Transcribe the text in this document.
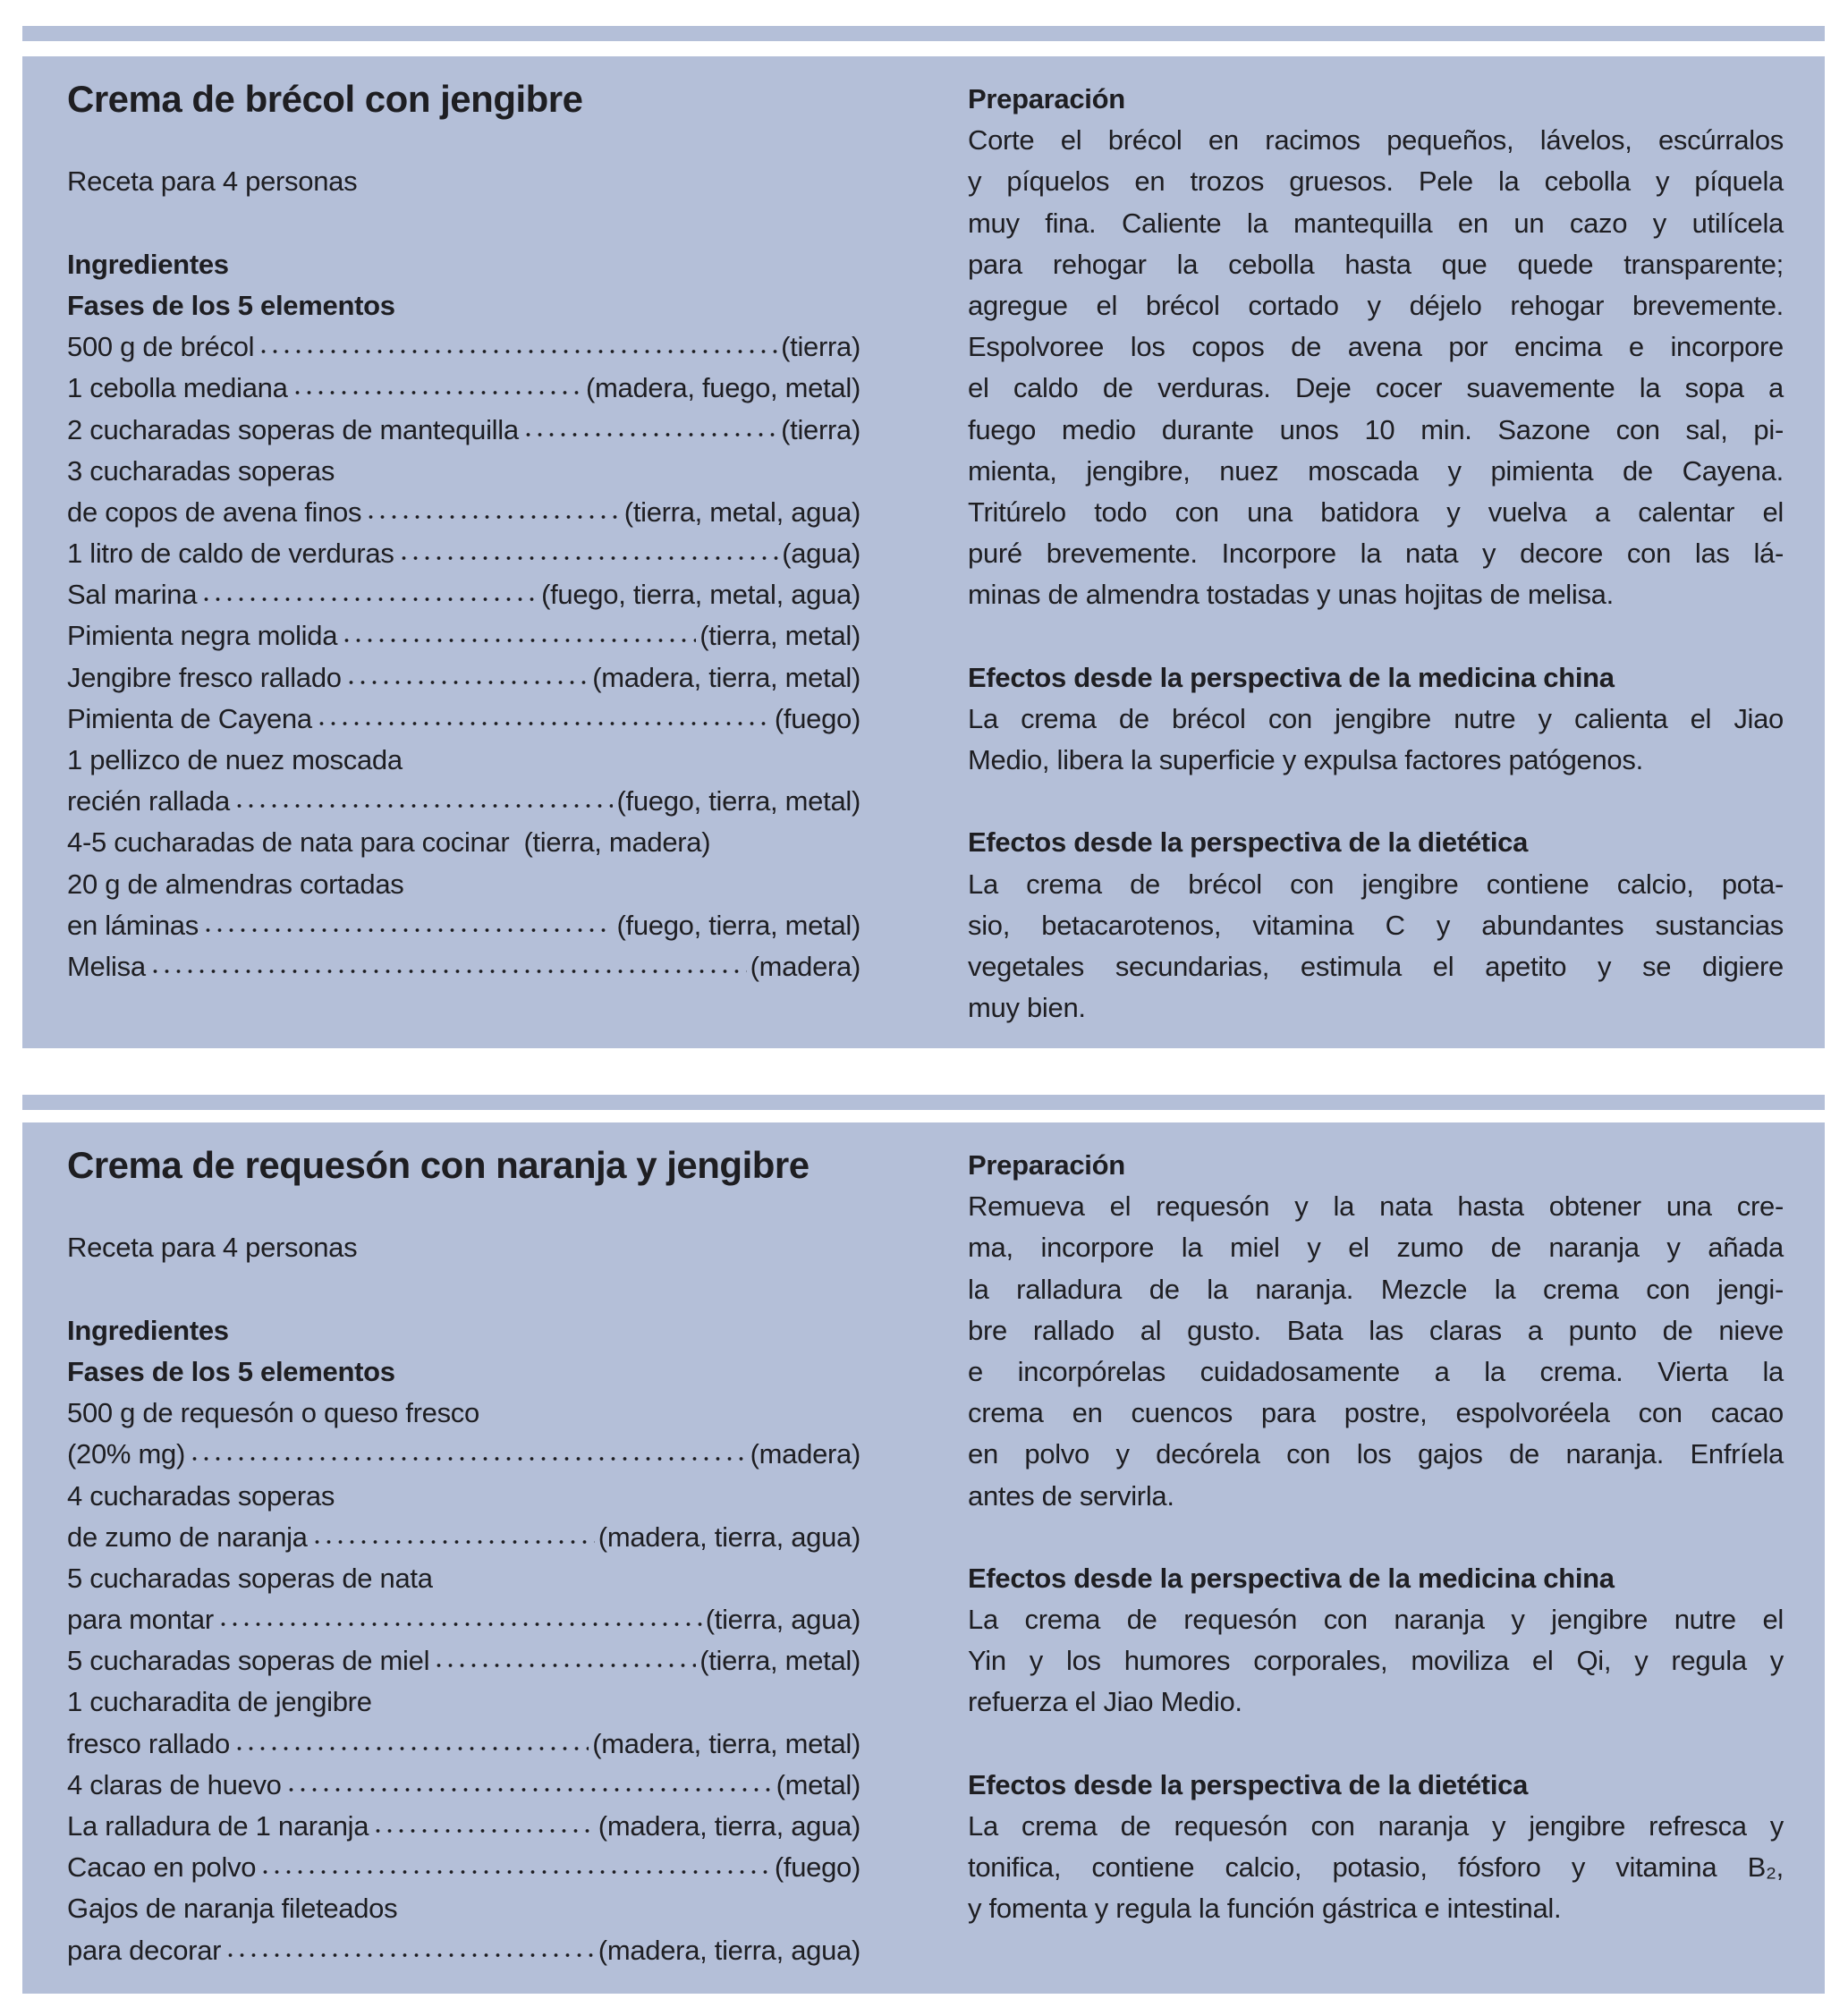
Crema de brécol con jengibre
Receta para 4 personas
Ingredientes
Fases de los 5 elementos
500 g de brécol	(tierra)
1 cebolla mediana	(madera, fuego, metal)
2 cucharadas soperas de mantequilla	(tierra)
3 cucharadas soperas
de copos de avena finos	(tierra, metal, agua)
1 litro de caldo de verduras	(agua)
Sal marina	(fuego, tierra, metal, agua)
Pimienta negra molida	(tierra, metal)
Jengibre fresco rallado	(madera, tierra, metal)
Pimienta de Cayena	(fuego)
1 pellizco de nuez moscada
recién rallada	(fuego, tierra, metal)
4-5 cucharadas de nata para cocinar (tierra, madera)
20 g de almendras cortadas
en láminas	(fuego, tierra, metal)
Melisa	(madera)
Preparación
Corte el brécol en racimos pequeños, lávelos, escúrralos
y píquelos en trozos gruesos. Pele la cebolla y píquela
muy fina. Caliente la mantequilla en un cazo y utilícela
para rehogar la cebolla hasta que quede transparente;
agregue el brécol cortado y déjelo rehogar brevemente.
Espolvoree los copos de avena por encima e incorpore
el caldo de verduras. Deje cocer suavemente la sopa a
fuego medio durante unos 10 min. Sazone con sal, pi-
mienta, jengibre, nuez moscada y pimienta de Cayena.
Tritúrelo todo con una batidora y vuelva a calentar el
puré brevemente. Incorpore la nata y decore con las lá-
minas de almendra tostadas y unas hojitas de melisa.
Efectos desde la perspectiva de la medicina china
La crema de brécol con jengibre nutre y calienta el Jiao
Medio, libera la superficie y expulsa factores patógenos.
Efectos desde la perspectiva de la dietética
La crema de brécol con jengibre contiene calcio, pota-
sio, betacarotenos, vitamina C y abundantes sustancias
vegetales secundarias, estimula el apetito y se digiere
muy bien.
Crema de requesón con naranja y jengibre
Receta para 4 personas
Ingredientes
Fases de los 5 elementos
500 g de requesón o queso fresco
(20% mg)	(madera)
4 cucharadas soperas
de zumo de naranja	(madera, tierra, agua)
5 cucharadas soperas de nata
para montar	(tierra, agua)
5 cucharadas soperas de miel	(tierra, metal)
1 cucharadita de jengibre
fresco rallado	(madera, tierra, metal)
4 claras de huevo	(metal)
La ralladura de 1 naranja	(madera, tierra, agua)
Cacao en polvo	(fuego)
Gajos de naranja fileteados
para decorar	(madera, tierra, agua)
Preparación
Remueva el requesón y la nata hasta obtener una cre-
ma, incorpore la miel y el zumo de naranja y añada
la ralladura de la naranja. Mezcle la crema con jengi-
bre rallado al gusto. Bata las claras a punto de nieve
e incorpórelas cuidadosamente a la crema. Vierta la
crema en cuencos para postre, espolvoréela con cacao
en polvo y decórela con los gajos de naranja. Enfríela
antes de servirla.
Efectos desde la perspectiva de la medicina china
La crema de requesón con naranja y jengibre nutre el
Yin y los humores corporales, moviliza el Qi, y regula y
refuerza el Jiao Medio.
Efectos desde la perspectiva de la dietética
La crema de requesón con naranja y jengibre refresca y
tonifica, contiene calcio, potasio, fósforo y vitamina B₂,
y fomenta y regula la función gástrica e intestinal.
